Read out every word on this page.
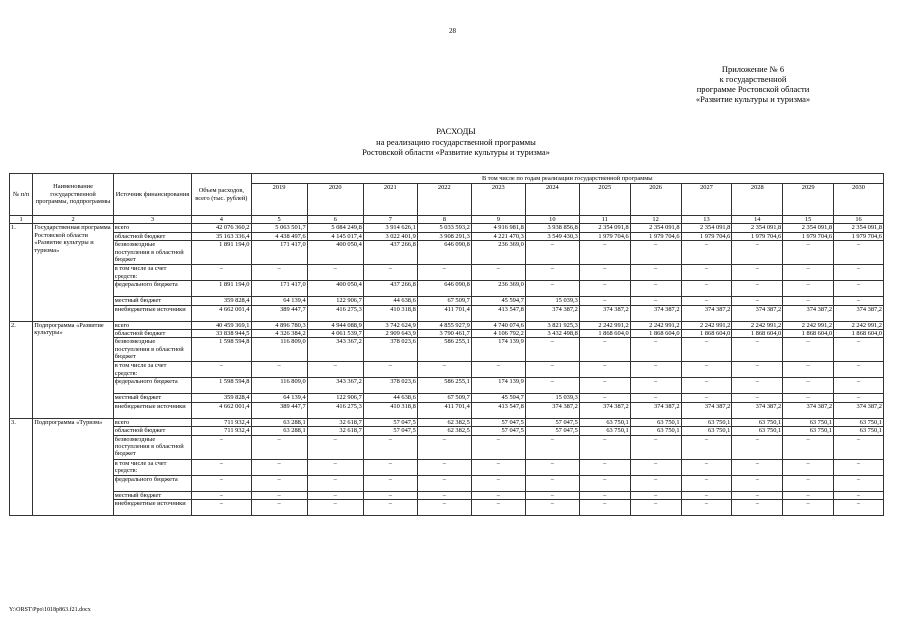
28
Приложение № 6
к государственной
программе Ростовской области
«Развитие культуры и туризма»
РАСХОДЫ
на реализацию государственной программы
Ростовской области «Развитие культуры и туризма»
№ п/п	Наименование государственной программы, подпрограммы	Источник финансирования	Объем расходов, всего (тыс. рублей)	В том числе по годам реализации государственной программы											
				2019	2020	2021	2022	2023	2024	2025	2026	2027	2028	2029	2030
1	2	3	4	5	6	7	8	9	10	11	12	13	14	15	16
1.	Государственная программа Ростовской области «Развитие культуры и туризма»	всего	42 076 360,2	5 063 501,7	5 084 249,8	3 914 626,1	5 033 593,2	4 916 981,8	3 938 856,8	2 354 091,8	2 354 091,8	2 354 091,8	2 354 091,8	2 354 091,8	2 354 091,8
		областной бюджет	35 163 336,4	4 438 497,6	4 145 017,4	3 022 401,9	3 908 291,3	4 221 470,3	3 549 430,3	1 979 704,6	1 979 704,6	1 979 704,6	1 979 704,6	1 979 704,6	1 979 704,6
		безвозмездные поступления в областной бюджет	1 891 194,0	171 417,0	400 050,4	437 266,8	646 090,8	236 369,0	–	–	–	–	–	–	–
		в том числе за счет средств:	–	–	–	–	–	–	–	–	–	–	–	–	–
		федерального бюджета	1 891 194,0	171 417,0	400 050,4	437 266,8	646 090,8	236 369,0	–	–	–	–	–	–	–
		местный бюджет	359 828,4	64 139,4	122 906,7	44 638,6	67 509,7	45 594,7	15 039,3	–	–	–	–	–	–
		внебюджетные источники	4 662 001,4	389 447,7	416 275,3	410 318,8	411 701,4	413 547,8	374 387,2	374 387,2	374 387,2	374 387,2	374 387,2	374 387,2	374 387,2
2.	Подпрограмма «Развитие культуры»	всего	40 459 369,1	4 896 780,3	4 944 088,9	3 742 624,9	4 855 927,9	4 740 074,6	3 821 925,3	2 242 991,2	2 242 991,2	2 242 991,2	2 242 991,2	2 242 991,2	2 242 991,2
		областной бюджет	33 838 944,5	4 326 384,2	4 061 539,7	2 909 643,9	3 790 461,7	4 106 792,2	3 432 498,8	1 868 604,0	1 868 604,0	1 868 604,0	1 868 604,0	1 868 604,0	1 868 604,0
		безвозмездные поступления в областной бюджет	1 598 594,8	116 809,0	343 367,2	378 023,6	586 255,1	174 139,9	–	–	–	–	–	–	–
		в том числе за счет средств:	–	–	–	–	–	–	–	–	–	–	–	–	–
		федерального бюджета	1 598 594,8	116 809,0	343 367,2	378 023,6	586 255,1	174 139,9	–	–	–	–	–	–	–
		местный бюджет	359 828,4	64 139,4	122 906,7	44 638,6	67 509,7	45 594,7	15 039,3	–	–	–	–	–	–
		внебюджетные источники	4 662 001,4	389 447,7	416 275,3	410 318,8	411 701,4	413 547,8	374 387,2	374 387,2	374 387,2	374 387,2	374 387,2	374 387,2	374 387,2
3.	Подпрограмма «Туризм»	всего	711 932,4	63 288,1	32 618,7	57 047,5	62 382,5	57 047,5	57 047,5	63 750,1	63 750,1	63 750,1	63 750,1	63 750,1	63 750,1
		областной бюджет	711 932,4	63 288,1	32 618,7	57 047,5	62 382,5	57 047,5	57 047,5	63 750,1	63 750,1	63 750,1	63 750,1	63 750,1	63 750,1
		безвозмездные поступления в областной бюджет	–	–	–	–	–	–	–	–	–	–	–	–	–
		в том числе за счет средств:	–	–	–	–	–	–	–	–	–	–	–	–	–
		федерального бюджета	–	–	–	–	–	–	–	–	–	–	–	–	–
		местный бюджет	–	–	–	–	–	–	–	–	–	–	–	–	–
		внебюджетные источники	–	–	–	–	–	–	–	–	–	–	–	–	–
Y:\ORST\Ppo\1018p863.f21.docx
